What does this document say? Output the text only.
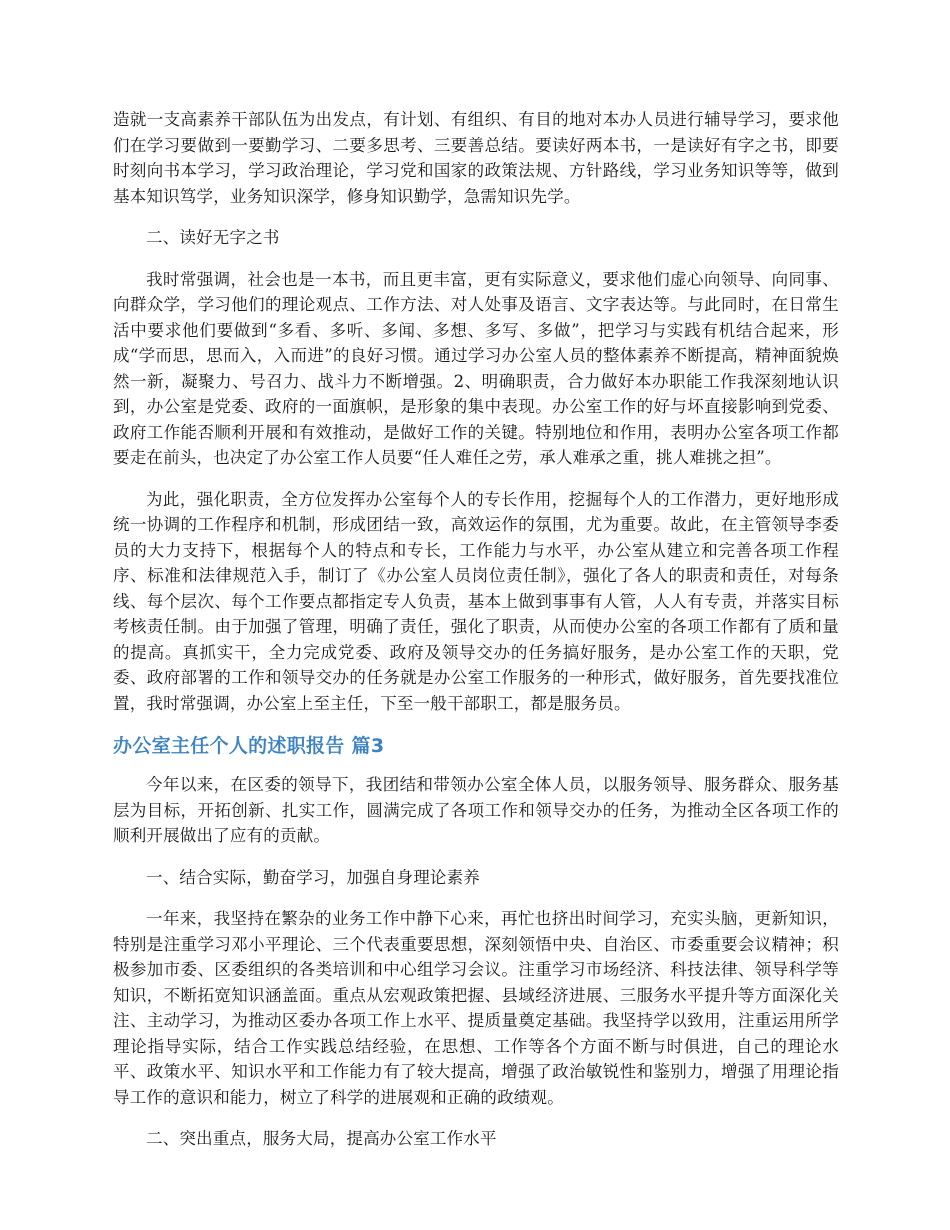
造就一支高素养干部队伍为出发点，有计划、有组织、有目的地对本办人员进行辅导学习，要求他们在学习要做到一要勤学习、二要多思考、三要善总结。要读好两本书，一是读好有字之书，即要时刻向书本学习，学习政治理论，学习党和国家的政策法规、方针路线，学习业务知识等等，做到基本知识笃学，业务知识深学，修身知识勤学，急需知识先学。

二、读好无字之书

我时常强调，社会也是一本书，而且更丰富，更有实际意义，要求他们虚心向领导、向同事、向群众学，学习他们的理论观点、工作方法、对人处事及语言、文字表达等。与此同时，在日常生活中要求他们要做到“多看、多听、多闻、多想、多写、多做”，把学习与实践有机结合起来，形成“学而思，思而入，入而进”的良好习惯。通过学习办公室人员的整体素养不断提高，精神面貌焕然一新，凝聚力、号召力、战斗力不断增强。2、明确职责，合力做好本办职能工作我深刻地认识到，办公室是党委、政府的一面旗帜，是形象的集中表现。办公室工作的好与坏直接影响到党委、政府工作能否顺利开展和有效推动，是做好工作的关键。特别地位和作用，表明办公室各项工作都要走在前头，也决定了办公室工作人员要“任人难任之劳，承人难承之重，挑人难挑之担”。

为此，强化职责，全方位发挥办公室每个人的专长作用，挖掘每个人的工作潜力，更好地形成统一协调的工作程序和机制，形成团结一致，高效运作的氛围，尤为重要。故此，在主管领导李委员的大力支持下，根据每个人的特点和专长，工作能力与水平，办公室从建立和完善各项工作程序、标准和法律规范入手，制订了《办公室人员岗位责任制》，强化了各人的职责和责任，对每条线、每个层次、每个工作要点都指定专人负责，基本上做到事事有人管，人人有专责，并落实目标考核责任制。由于加强了管理，明确了责任，强化了职责，从而使办公室的各项工作都有了质和量的提高。真抓实干，全力完成党委、政府及领导交办的任务搞好服务，是办公室工作的天职，党委、政府部署的工作和领导交办的任务就是办公室工作服务的一种形式，做好服务，首先要找准位置，我时常强调，办公室上至主任，下至一般干部职工，都是服务员。

办公室主任个人的述职报告 篇3

今年以来，在区委的领导下，我团结和带领办公室全体人员，以服务领导、服务群众、服务基层为目标，开拓创新、扎实工作，圆满完成了各项工作和领导交办的任务，为推动全区各项工作的顺利开展做出了应有的贡献。

一、结合实际，勤奋学习，加强自身理论素养

一年来，我坚持在繁杂的业务工作中静下心来，再忙也挤出时间学习，充实头脑，更新知识，特别是注重学习邓小平理论、三个代表重要思想，深刻领悟中央、自治区、市委重要会议精神；积极参加市委、区委组织的各类培训和中心组学习会议。注重学习市场经济、科技法律、领导科学等知识，不断拓宽知识涵盖面。重点从宏观政策把握、县域经济进展、三服务水平提升等方面深化关注、主动学习，为推动区委办各项工作上水平、提质量奠定基础。我坚持学以致用，注重运用所学理论指导实际，结合工作实践总结经验，在思想、工作等各个方面不断与时俱进，自己的理论水平、政策水平、知识水平和工作能力有了较大提高，增强了政治敏锐性和鉴别力，增强了用理论指导工作的意识和能力，树立了科学的进展观和正确的政绩观。

二、突出重点，服务大局，提高办公室工作水平
